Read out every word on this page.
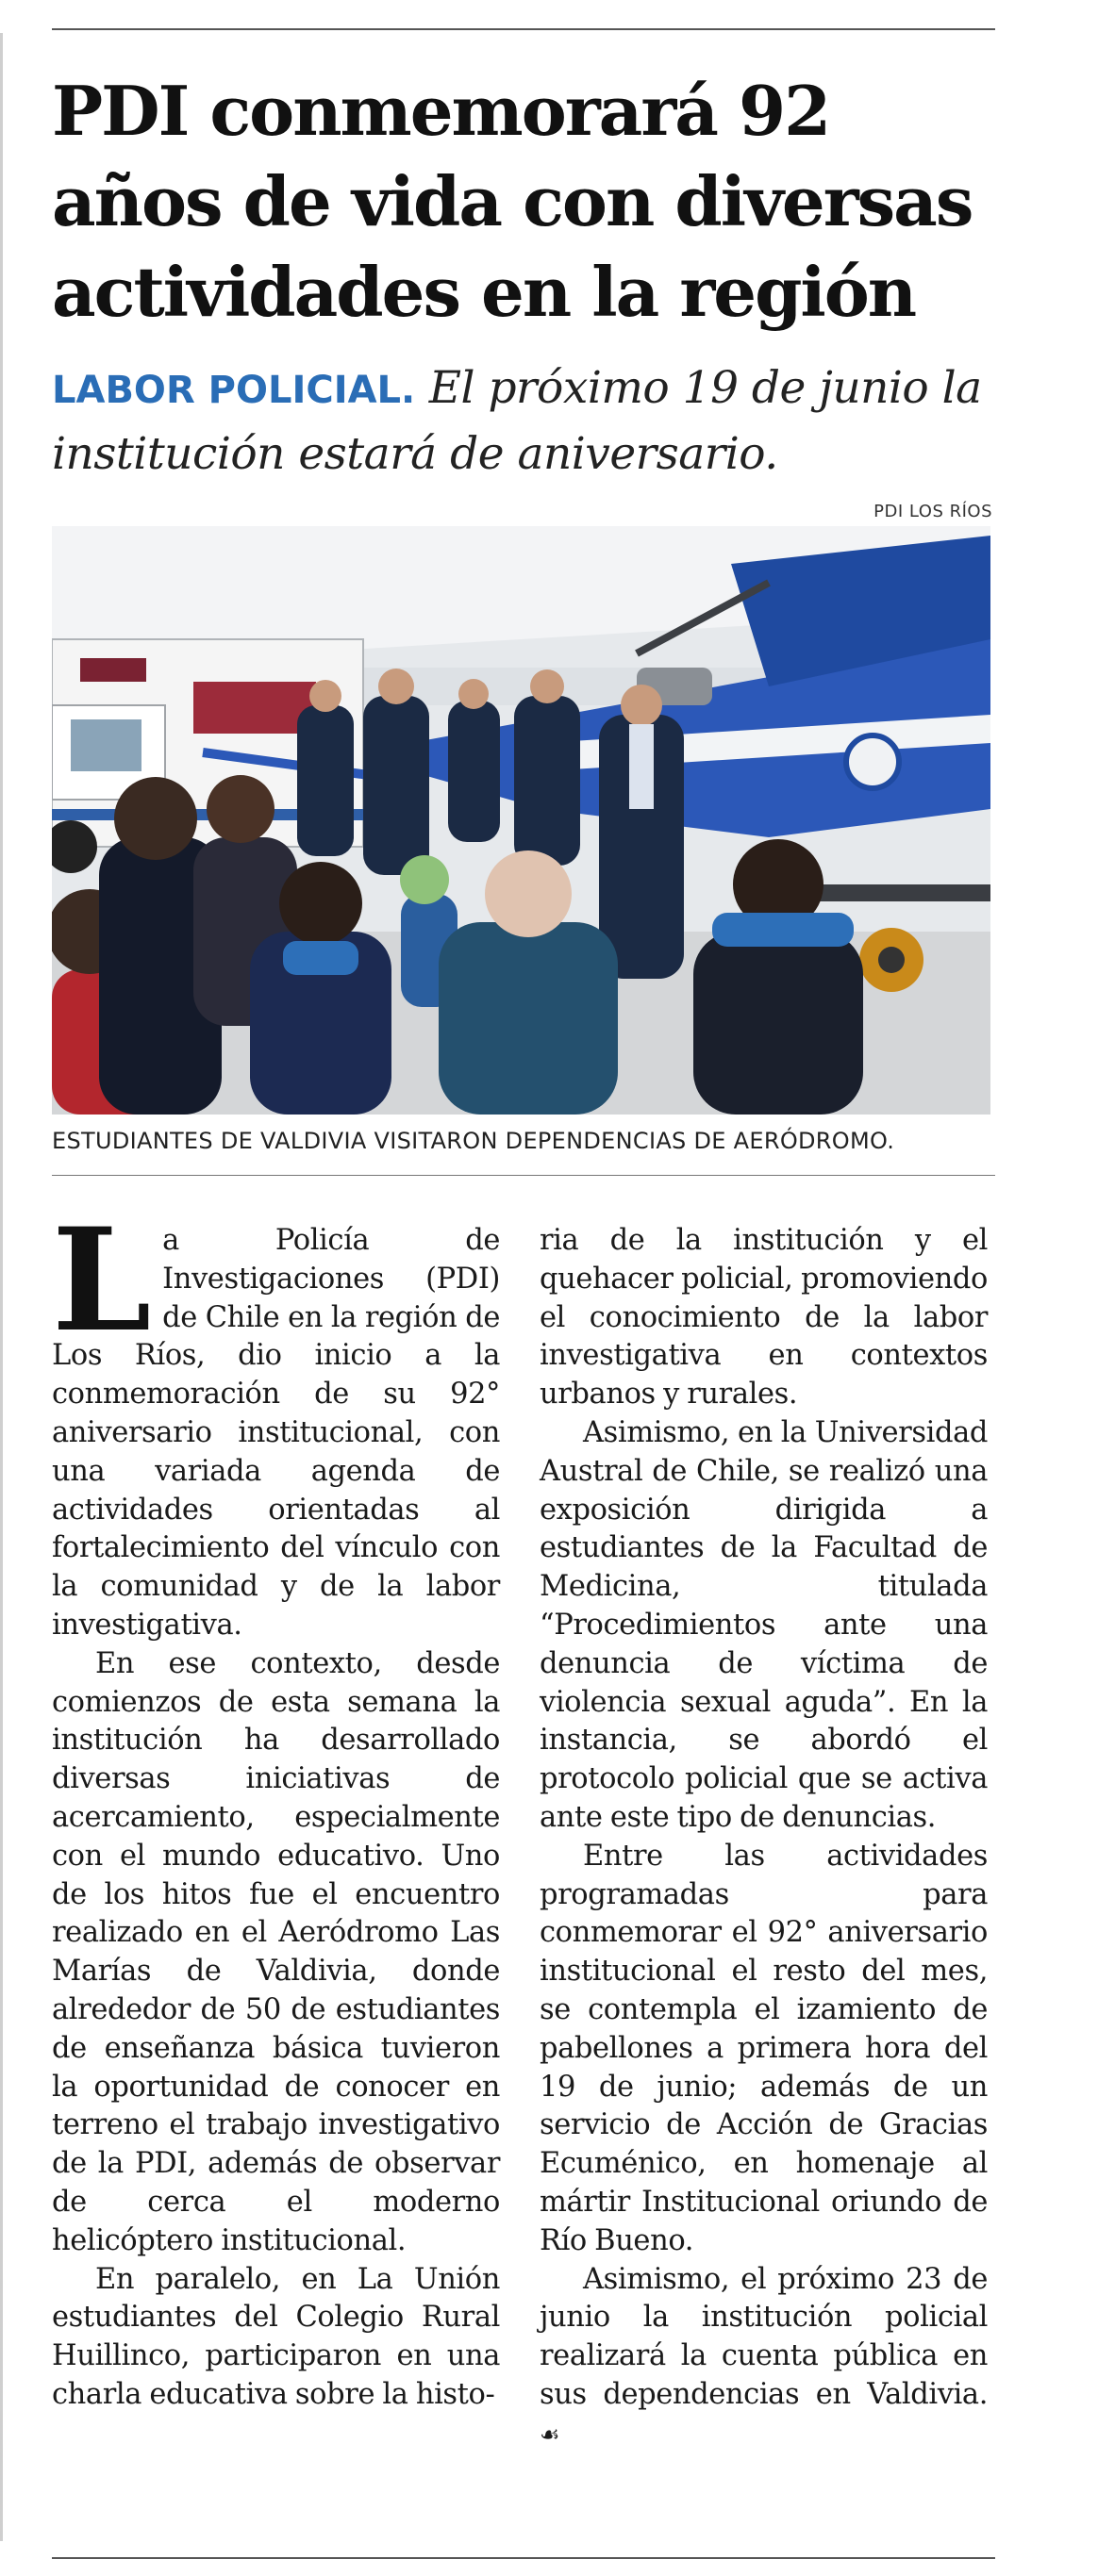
PDI conmemorará 92 años de vida con diversas actividades en la región
LABOR POLICIAL. El próximo 19 de junio la institución estará de aniversario.
PDI LOS RÍOS
ESTUDIANTES DE VALDIVIA VISITARON DEPENDENCIAS DE AERÓDROMO.

La Policía de Investigaciones (PDI) de Chile en la región de Los Ríos, dio inicio a la conmemoración de su 92° aniversario institucional, con una variada agenda de actividades orientadas al fortalecimiento del vínculo con la comunidad y de la labor investigativa.

En ese contexto, desde comienzos de esta semana la institución ha desarrollado diversas iniciativas de acercamiento, especialmente con el mundo educativo. Uno de los hitos fue el encuentro realizado en el Aeródromo Las Marías de Valdivia, donde alrededor de 50 de estudiantes de enseñanza básica tuvieron la oportunidad de conocer en terreno el trabajo investigativo de la PDI, además de observar de cerca el moderno helicóptero institucional.

En paralelo, en La Unión estudiantes del Colegio Rural Huillinco, participaron en una charla educativa sobre la histo-

ria de la institución y el quehacer policial, promoviendo el conocimiento de la labor investigativa en contextos urbanos y rurales.

Asimismo, en la Universidad Austral de Chile, se realizó una exposición dirigida a estudiantes de la Facultad de Medicina, titulada “Procedimientos ante una denuncia de víctima de violencia sexual aguda”. En la instancia, se abordó el protocolo policial que se activa ante este tipo de denuncias.

Entre las actividades programadas para conmemorar el 92° aniversario institucional el resto del mes, se contempla el izamiento de pabellones a primera hora del 19 de junio; además de un servicio de Acción de Gracias Ecuménico, en homenaje al mártir Institucional oriundo de Río Bueno.

Asimismo, el próximo 23 de junio la institución policial realizará la cuenta pública en sus dependencias en Valdivia. ☙
